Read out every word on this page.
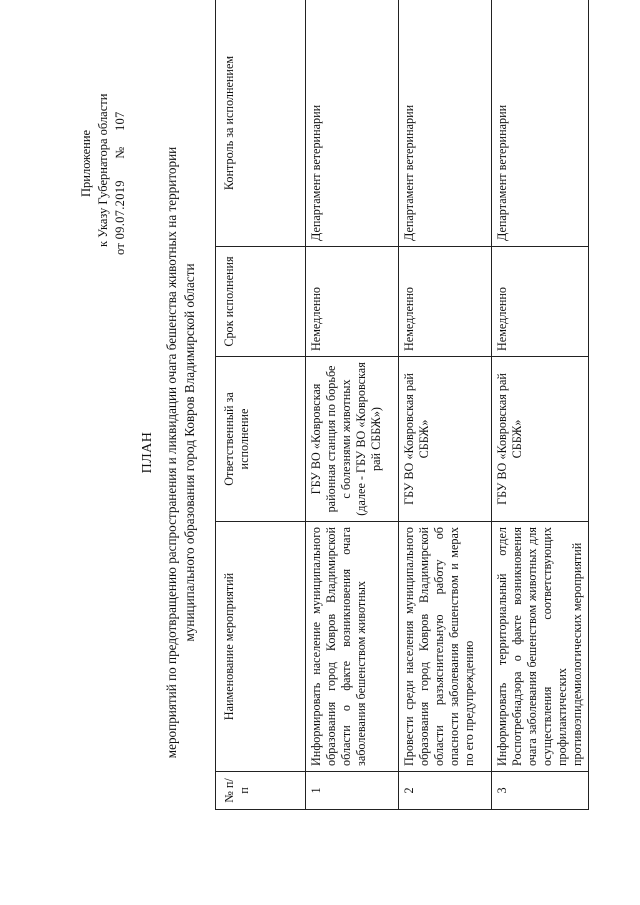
Приложение к Указу Губернатора области
от 09.07.2019 № 107
ПЛАН мероприятий по предотвращению распространения и ликвидации очага бешенства животных на территории муниципального образования город Ковров Владимирской области
№ п/п	Наименование мероприятий	Ответственный за исполнение	Срок исполнения	Контроль за исполнением
1	Информировать население муниципального образования город Ковров Владимирской области о факте возникновения очага заболевания бешенством животных	ГБУ ВО «Ковровская районная станция по борьбе с болезнями животных (далее - ГБУ ВО «Ковровская рай СББЖ»)	Немедленно	Департамент ветеринарии
2	Провести среди населения муниципального образования город Ковров Владимирской области разъяснительную работу об опасности заболевания бешенством и мерах по его предупреждению	ГБУ ВО «Ковровская рай СББЖ»	Немедленно	Департамент ветеринарии
3	Информировать территориальный отдел Роспотребнадзора о факте возникновения очага заболевания бешенством животных для осуществления соответствующих профилактических противоэпидемиологических мероприятий	ГБУ ВО «Ковровская рай СББЖ»	Немедленно	Департамент ветеринарии
